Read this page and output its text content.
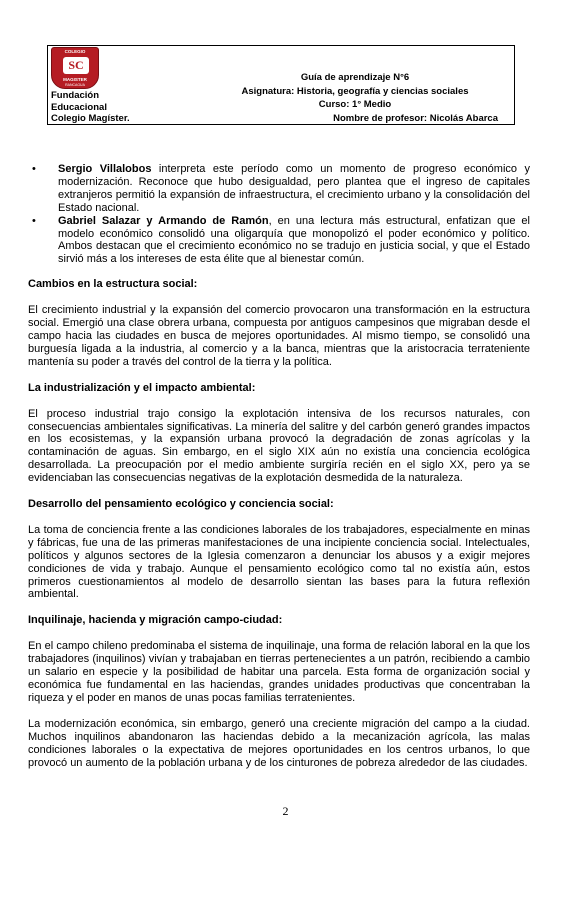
COLEGIO
SC
MAGISTER
RANCAGUA
Fundación
Educacional
Colegio Magíster.
Guía de aprendizaje N°6
Asignatura: Historia, geografía y ciencias sociales
Curso: 1° Medio
Nombre de profesor: Nicolás Abarca
• Sergio Villalobos interpreta este período como un momento de progreso económico y modernización. Reconoce que hubo desigualdad, pero plantea que el ingreso de capitales extranjeros permitió la expansión de infraestructura, el crecimiento urbano y la consolidación del Estado nacional.
• Gabriel Salazar y Armando de Ramón, en una lectura más estructural, enfatizan que el modelo económico consolidó una oligarquía que monopolizó el poder económico y político. Ambos destacan que el crecimiento económico no se tradujo en justicia social, y que el Estado sirvió más a los intereses de esta élite que al bienestar común.
Cambios en la estructura social:

El crecimiento industrial y la expansión del comercio provocaron una transformación en la estructura social. Emergió una clase obrera urbana, compuesta por antiguos campesinos que migraban desde el campo hacia las ciudades en busca de mejores oportunidades. Al mismo tiempo, se consolidó una burguesía ligada a la industria, al comercio y a la banca, mientras que la aristocracia terrateniente mantenía su poder a través del control de la tierra y la política.

La industrialización y el impacto ambiental:

El proceso industrial trajo consigo la explotación intensiva de los recursos naturales, con consecuencias ambientales significativas. La minería del salitre y del carbón generó grandes impactos en los ecosistemas, y la expansión urbana provocó la degradación de zonas agrícolas y la contaminación de aguas. Sin embargo, en el siglo XIX aún no existía una conciencia ecológica desarrollada. La preocupación por el medio ambiente surgiría recién en el siglo XX, pero ya se evidenciaban las consecuencias negativas de la explotación desmedida de la naturaleza.

Desarrollo del pensamiento ecológico y conciencia social:

La toma de conciencia frente a las condiciones laborales de los trabajadores, especialmente en minas y fábricas, fue una de las primeras manifestaciones de una incipiente conciencia social. Intelectuales, políticos y algunos sectores de la Iglesia comenzaron a denunciar los abusos y a exigir mejores condiciones de vida y trabajo. Aunque el pensamiento ecológico como tal no existía aún, estos primeros cuestionamientos al modelo de desarrollo sientan las bases para la futura reflexión ambiental.

Inquilinaje, hacienda y migración campo-ciudad:

En el campo chileno predominaba el sistema de inquilinaje, una forma de relación laboral en la que los trabajadores (inquilinos) vivían y trabajaban en tierras pertenecientes a un patrón, recibiendo a cambio un salario en especie y la posibilidad de habitar una parcela. Esta forma de organización social y económica fue fundamental en las haciendas, grandes unidades productivas que concentraban la riqueza y el poder en manos de unas pocas familias terratenientes.

La modernización económica, sin embargo, generó una creciente migración del campo a la ciudad. Muchos inquilinos abandonaron las haciendas debido a la mecanización agrícola, las malas condiciones laborales o la expectativa de mejores oportunidades en los centros urbanos, lo que provocó un aumento de la población urbana y de los cinturones de pobreza alrededor de las ciudades.

2
